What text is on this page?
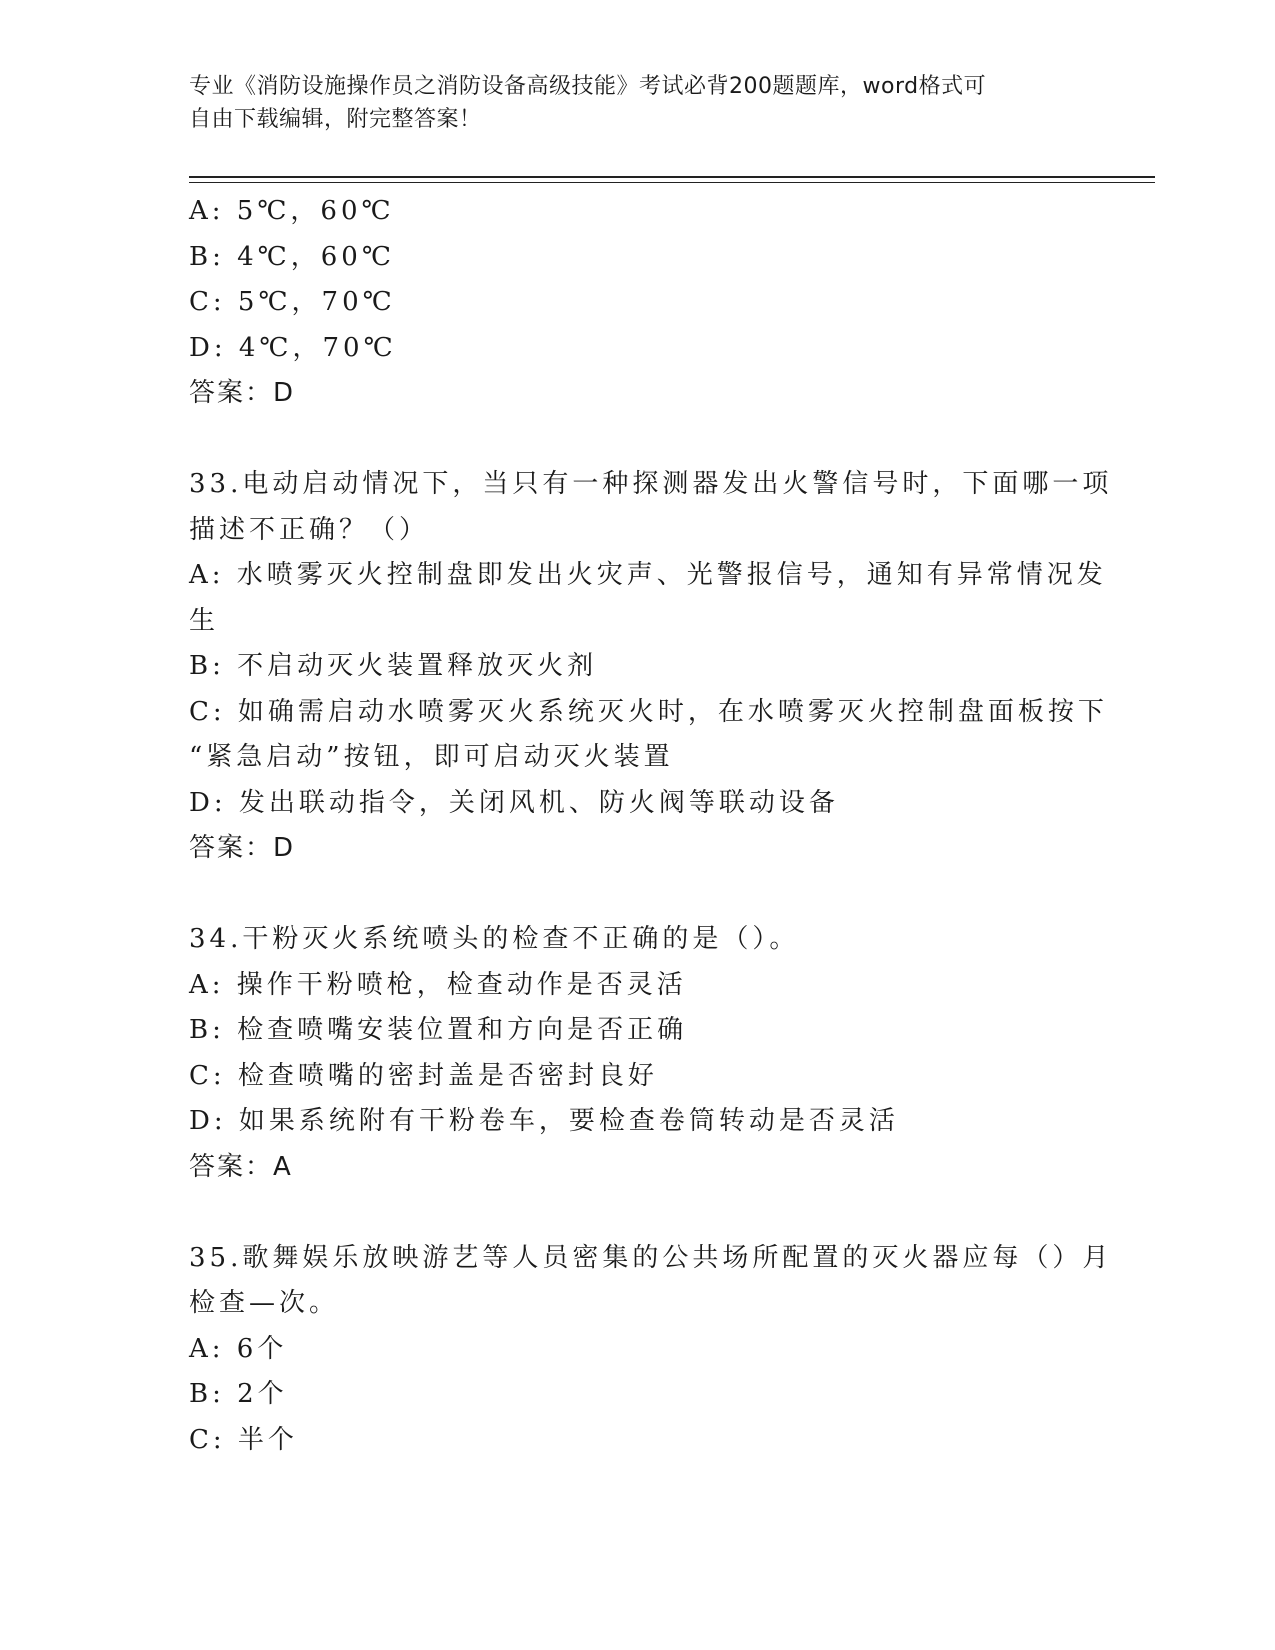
专业《消防设施操作员之消防设备高级技能》考试必背200题题库，word格式可
自由下载编辑，附完整答案！
A: 5℃，60℃
B: 4℃，60℃
C: 5℃，70℃
D: 4℃，70℃
答案：D
33.电动启动情况下，当只有一种探测器发出火警信号时，下面哪一项
描述不正确？（）
A: 水喷雾灭火控制盘即发出火灾声、光警报信号，通知有异常情况发
生
B: 不启动灭火装置释放灭火剂
C: 如确需启动水喷雾灭火系统灭火时，在水喷雾灭火控制盘面板按下
“紧急启动”按钮，即可启动灭火装置
D: 发出联动指令，关闭风机、防火阀等联动设备
答案：D
34.干粉灭火系统喷头的检查不正确的是（）。
A: 操作干粉喷枪，检查动作是否灵活
B: 检查喷嘴安装位置和方向是否正确
C: 检查喷嘴的密封盖是否密封良好
D: 如果系统附有干粉卷车，要检查卷筒转动是否灵活
答案：A
35.歌舞娱乐放映游艺等人员密集的公共场所配置的灭火器应每（）月
检查—次。
A: 6个
B: 2个
C: 半个
